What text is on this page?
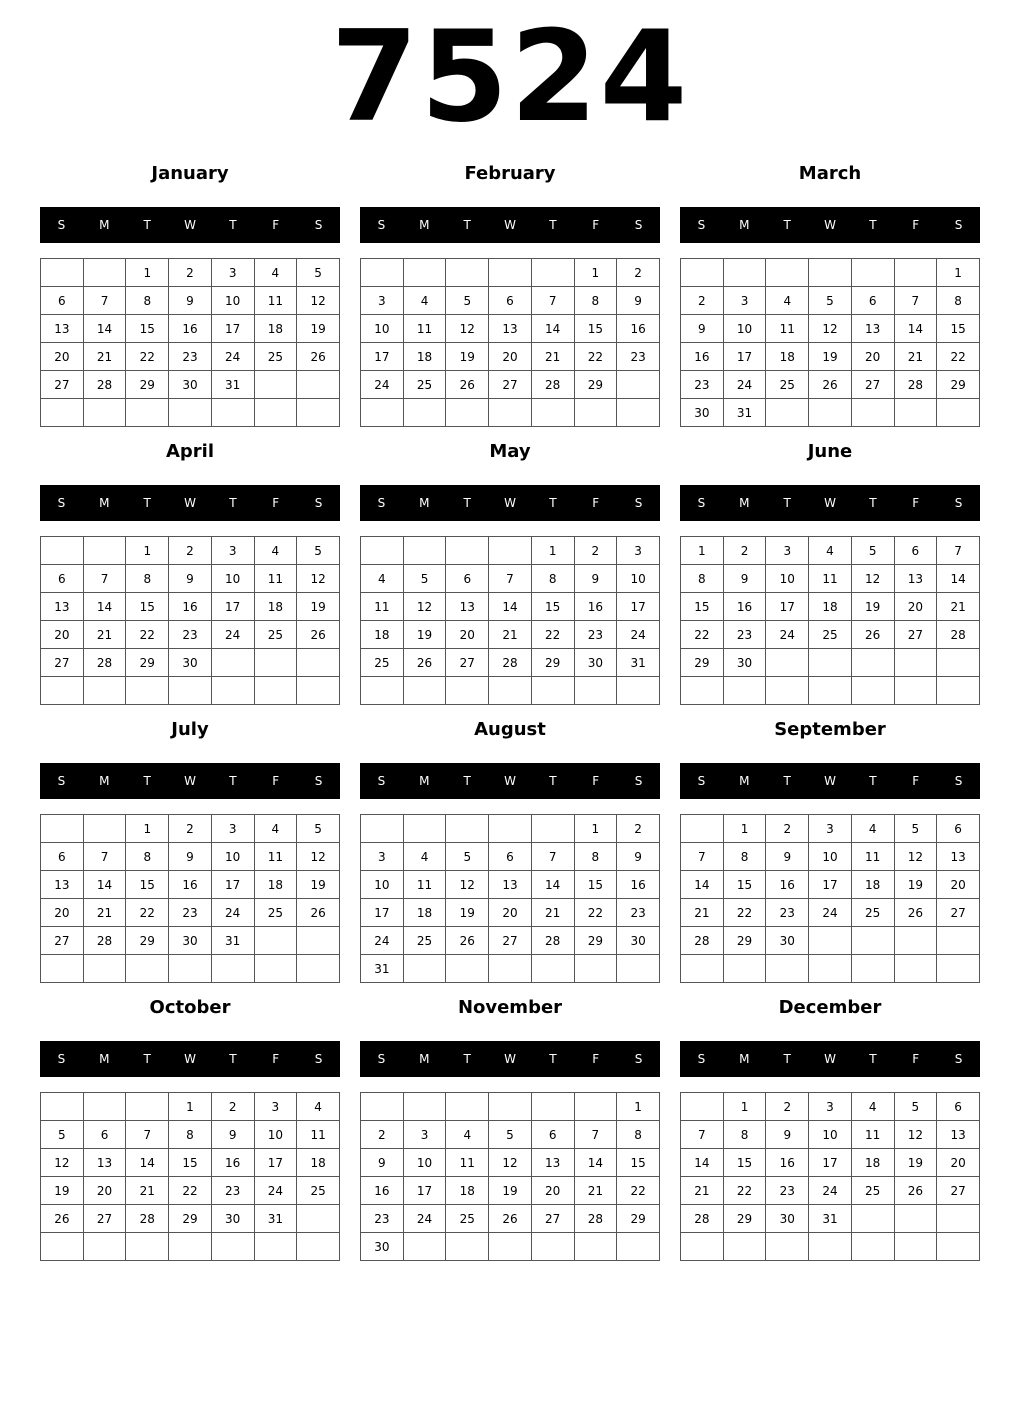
7524
January
S	M	T	W	T	F	S
		1	2	3	4	5
6	7	8	9	10	11	12
13	14	15	16	17	18	19
20	21	22	23	24	25	26
27	28	29	30	31		

February
S	M	T	W	T	F	S
					1	2
3	4	5	6	7	8	9
10	11	12	13	14	15	16
17	18	19	20	21	22	23
24	25	26	27	28	29	

March
S	M	T	W	T	F	S
						1
2	3	4	5	6	7	8
9	10	11	12	13	14	15
16	17	18	19	20	21	22
23	24	25	26	27	28	29
30	31					
April
S	M	T	W	T	F	S
		1	2	3	4	5
6	7	8	9	10	11	12
13	14	15	16	17	18	19
20	21	22	23	24	25	26
27	28	29	30			

May
S	M	T	W	T	F	S
				1	2	3
4	5	6	7	8	9	10
11	12	13	14	15	16	17
18	19	20	21	22	23	24
25	26	27	28	29	30	31

June
S	M	T	W	T	F	S
1	2	3	4	5	6	7
8	9	10	11	12	13	14
15	16	17	18	19	20	21
22	23	24	25	26	27	28
29	30					

July
S	M	T	W	T	F	S
		1	2	3	4	5
6	7	8	9	10	11	12
13	14	15	16	17	18	19
20	21	22	23	24	25	26
27	28	29	30	31		

August
S	M	T	W	T	F	S
					1	2
3	4	5	6	7	8	9
10	11	12	13	14	15	16
17	18	19	20	21	22	23
24	25	26	27	28	29	30
31						
September
S	M	T	W	T	F	S
	1	2	3	4	5	6
7	8	9	10	11	12	13
14	15	16	17	18	19	20
21	22	23	24	25	26	27
28	29	30				

October
S	M	T	W	T	F	S
			1	2	3	4
5	6	7	8	9	10	11
12	13	14	15	16	17	18
19	20	21	22	23	24	25
26	27	28	29	30	31	

November
S	M	T	W	T	F	S
						1
2	3	4	5	6	7	8
9	10	11	12	13	14	15
16	17	18	19	20	21	22
23	24	25	26	27	28	29
30						
December
S	M	T	W	T	F	S
	1	2	3	4	5	6
7	8	9	10	11	12	13
14	15	16	17	18	19	20
21	22	23	24	25	26	27
28	29	30	31			
